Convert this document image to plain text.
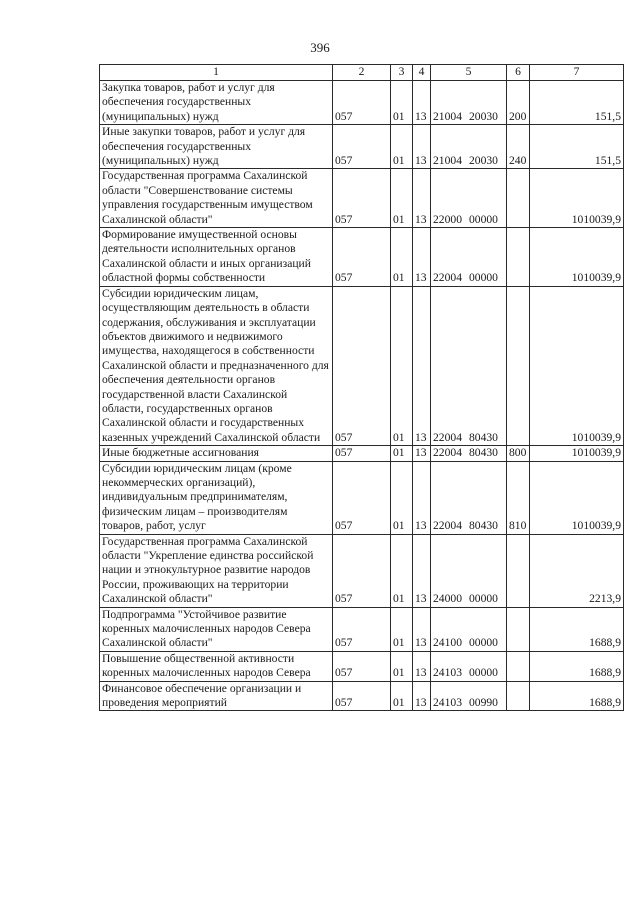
396
1	2	3	4	5	6	7
Закупка товаров, работ и услуг для обеспечения государственных (муниципальных) нужд	057	01	13	21004 20030	200	151,5
Иные закупки товаров, работ и услуг для обеспечения государственных (муниципальных) нужд	057	01	13	21004 20030	240	151,5
Государственная программа Сахалинской области "Совершенствование системы управления государственным имуществом Сахалинской области"	057	01	13	22000 00000		1010039,9
Формирование имущественной основы деятельности исполнительных органов Сахалинской области и иных организаций областной формы собственности	057	01	13	22004 00000		1010039,9
Субсидии юридическим лицам, осуществляющим деятельность в области содержания, обслуживания и эксплуатации объектов движимого и недвижимого имущества, находящегося в собственности Сахалинской области и предназначенного для обеспечения деятельности органов государственной власти Сахалинской области, государственных органов Сахалинской области и государственных казенных учреждений Сахалинской области	057	01	13	22004 80430		1010039,9
Иные бюджетные ассигнования	057	01	13	22004 80430	800	1010039,9
Субсидии юридическим лицам (кроме некоммерческих организаций), индивидуальным предпринимателям, физическим лицам – производителям товаров, работ, услуг	057	01	13	22004 80430	810	1010039,9
Государственная программа Сахалинской области "Укрепление единства российской нации и этнокультурное развитие народов России, проживающих на территории Сахалинской области"	057	01	13	24000 00000		2213,9
Подпрограмма "Устойчивое развитие коренных малочисленных народов Севера Сахалинской области"	057	01	13	24100 00000		1688,9
Повышение общественной активности коренных малочисленных народов Севера	057	01	13	24103 00000		1688,9
Финансовое обеспечение организации и проведения мероприятий	057	01	13	24103 00990		1688,9
